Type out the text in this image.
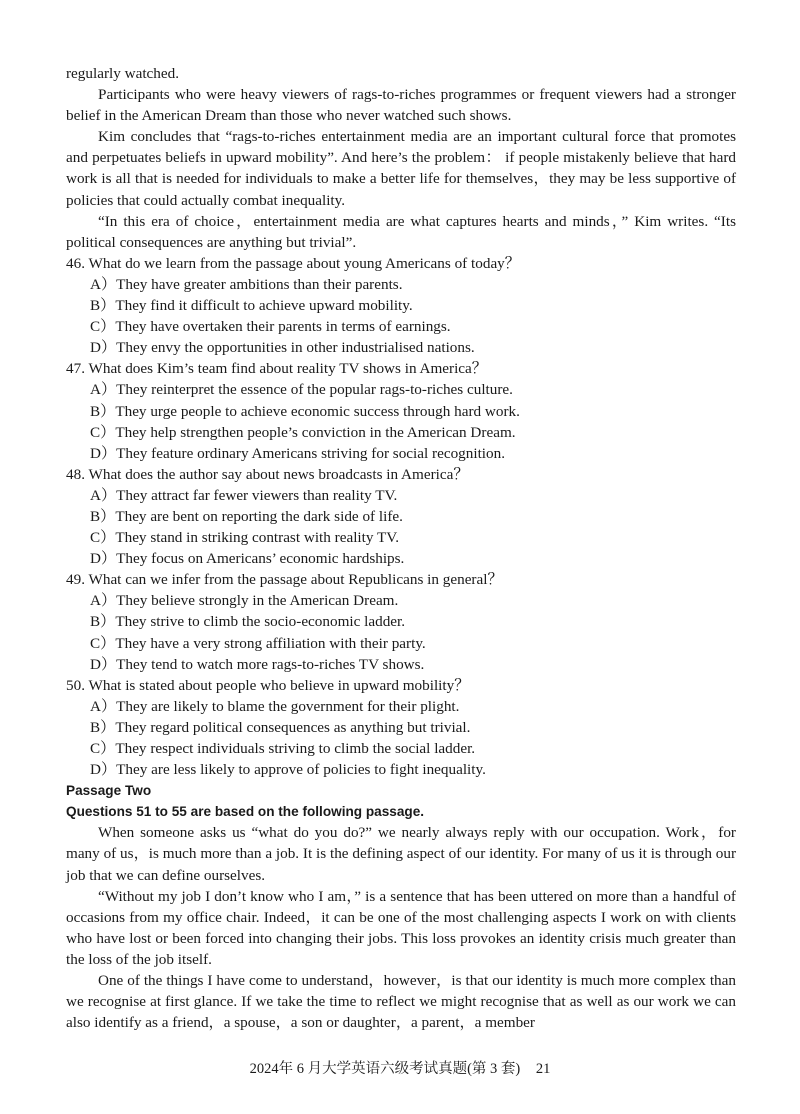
regularly watched.
Participants who were heavy viewers of rags-to-riches programmes or frequent viewers had a stronger belief in the American Dream than those who never watched such shows.
Kim concludes that “rags-to-riches entertainment media are an important cultural force that promotes and perpetuates beliefs in upward mobility”. And here’s the problem： if people mistakenly believe that hard work is all that is needed for individuals to make a better life for themselves，they may be less supportive of policies that could actually combat inequality.
“In this era of choice，entertainment media are what captures hearts and minds，” Kim writes. “Its political consequences are anything but trivial”.
46. What do we learn from the passage about young Americans of today？
A）They have greater ambitions than their parents.
B）They find it difficult to achieve upward mobility.
C）They have overtaken their parents in terms of earnings.
D）They envy the opportunities in other industrialised nations.
47. What does Kim’s team find about reality TV shows in America？
A）They reinterpret the essence of the popular rags-to-riches culture.
B）They urge people to achieve economic success through hard work.
C）They help strengthen people’s conviction in the American Dream.
D）They feature ordinary Americans striving for social recognition.
48. What does the author say about news broadcasts in America？
A）They attract far fewer viewers than reality TV.
B）They are bent on reporting the dark side of life.
C）They stand in striking contrast with reality TV.
D）They focus on Americans’ economic hardships.
49. What can we infer from the passage about Republicans in general？
A）They believe strongly in the American Dream.
B）They strive to climb the socio-economic ladder.
C）They have a very strong affiliation with their party.
D）They tend to watch more rags-to-riches TV shows.
50. What is stated about people who believe in upward mobility？
A）They are likely to blame the government for their plight.
B）They regard political consequences as anything but trivial.
C）They respect individuals striving to climb the social ladder.
D）They are less likely to approve of policies to fight inequality.
Passage Two
Questions 51 to 55 are based on the following passage.
When someone asks us “what do you do?” we nearly always reply with our occupation. Work，for many of us，is much more than a job. It is the defining aspect of our identity. For many of us it is through our job that we can define ourselves.
“Without my job I don’t know who I am，” is a sentence that has been uttered on more than a handful of occasions from my office chair. Indeed，it can be one of the most challenging aspects I work on with clients who have lost or been forced into changing their jobs. This loss provokes an identity crisis much greater than the loss of the job itself.
One of the things I have come to understand，however，is that our identity is much more complex than we recognise at first glance. If we take the time to reflect we might recognise that as well as our work we can also identify as a friend，a spouse，a son or daughter，a parent，a member
2024年 6 月大学英语六级考试真题(第 3 套) 21
